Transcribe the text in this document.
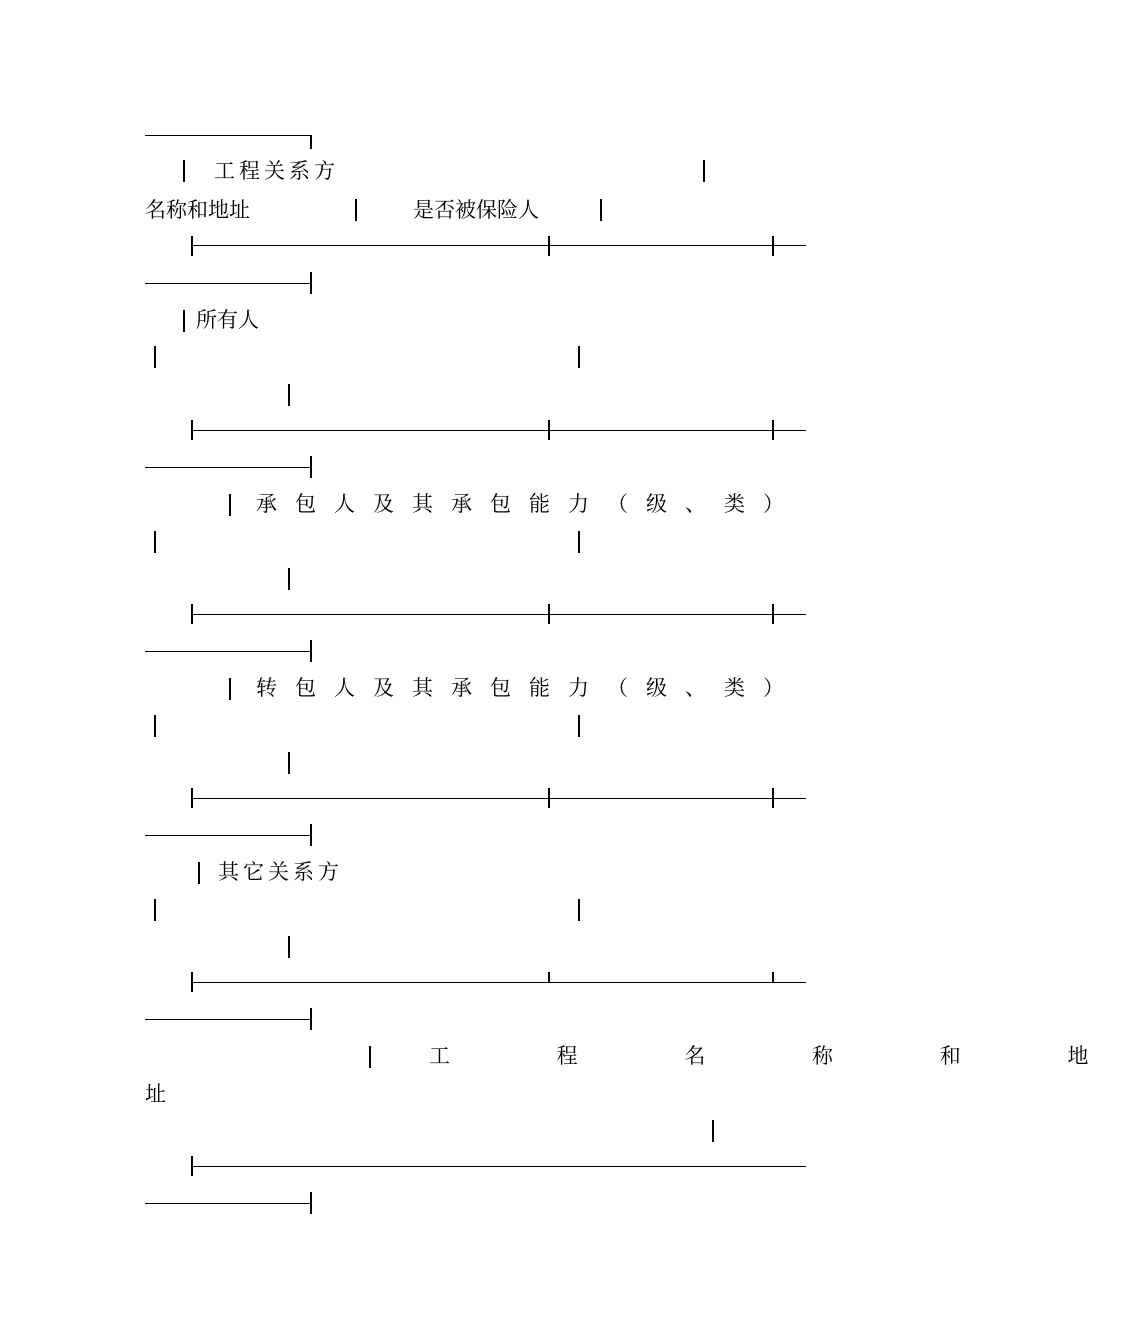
工程关系方
名称和地址	是否被保险人
所有人
承包人及其承包能力（级、类）
转包人及其承包能力（级、类）
其它关系方
工 程 名 称 和 地
址
